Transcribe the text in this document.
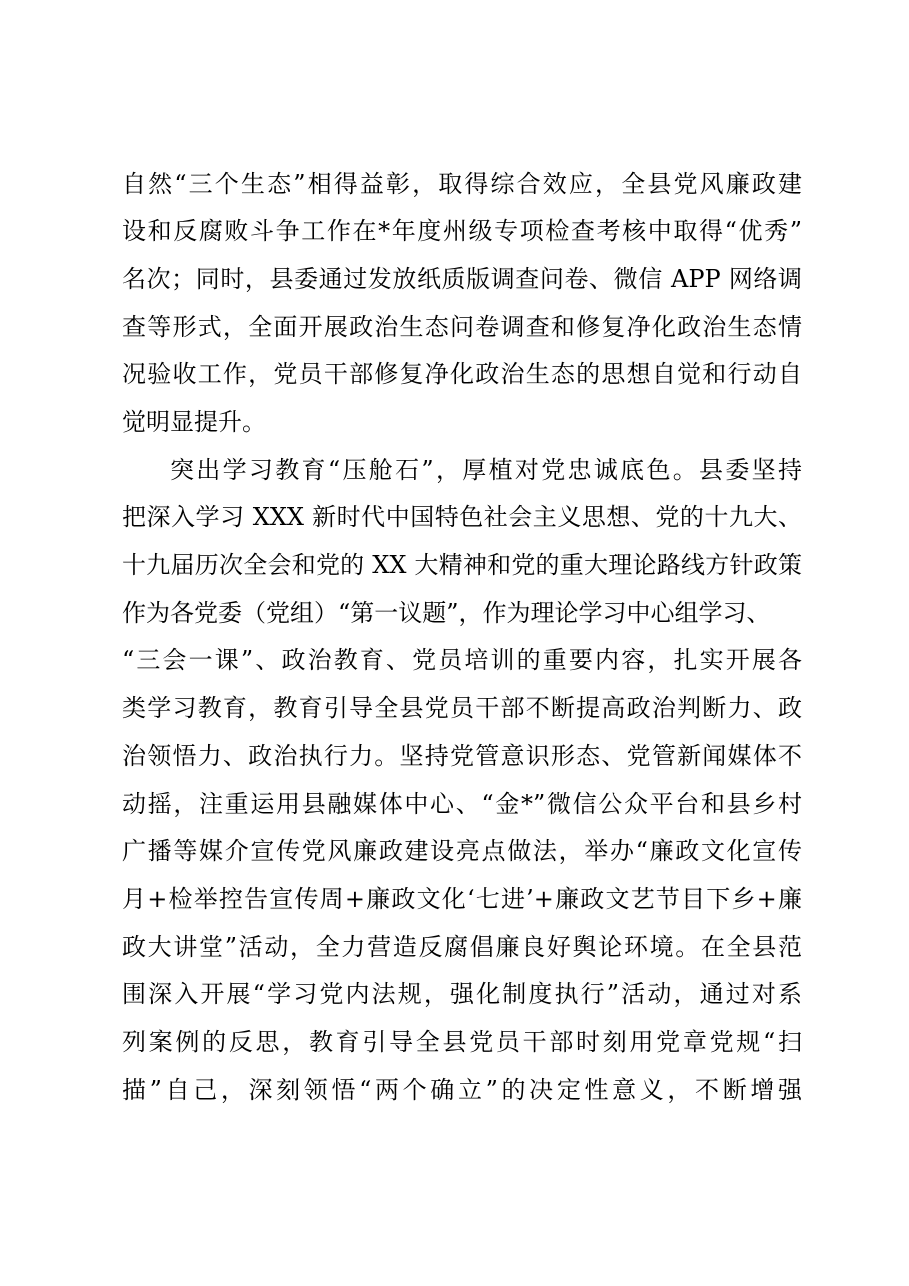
自然“三个生态”相得益彰，取得综合效应，全县党风廉政建
设和反腐败斗争工作在*年度州级专项检查考核中取得“优秀”
名次；同时，县委通过发放纸质版调查问卷、微信 APP 网络调
查等形式，全面开展政治生态问卷调查和修复净化政治生态情
况验收工作，党员干部修复净化政治生态的思想自觉和行动自
觉明显提升。
突出学习教育“压舱石”，厚植对党忠诚底色。县委坚持
把深入学习 XXX 新时代中国特色社会主义思想、党的十九大、
十九届历次全会和党的 XX 大精神和党的重大理论路线方针政策
作为各党委（党组）“第一议题”，作为理论学习中心组学习、
“三会一课”、政治教育、党员培训的重要内容，扎实开展各
类学习教育，教育引导全县党员干部不断提高政治判断力、政
治领悟力、政治执行力。坚持党管意识形态、党管新闻媒体不
动摇，注重运用县融媒体中心、“金*”微信公众平台和县乡村
广播等媒介宣传党风廉政建设亮点做法，举办“廉政文化宣传
月+检举控告宣传周+廉政文化‘七进’+廉政文艺节目下乡+廉
政大讲堂”活动，全力营造反腐倡廉良好舆论环境。在全县范
围深入开展“学习党内法规，强化制度执行”活动，通过对系
列案例的反思，教育引导全县党员干部时刻用党章党规“扫
描”自己，深刻领悟“两个确立”的决定性意义，不断增强
